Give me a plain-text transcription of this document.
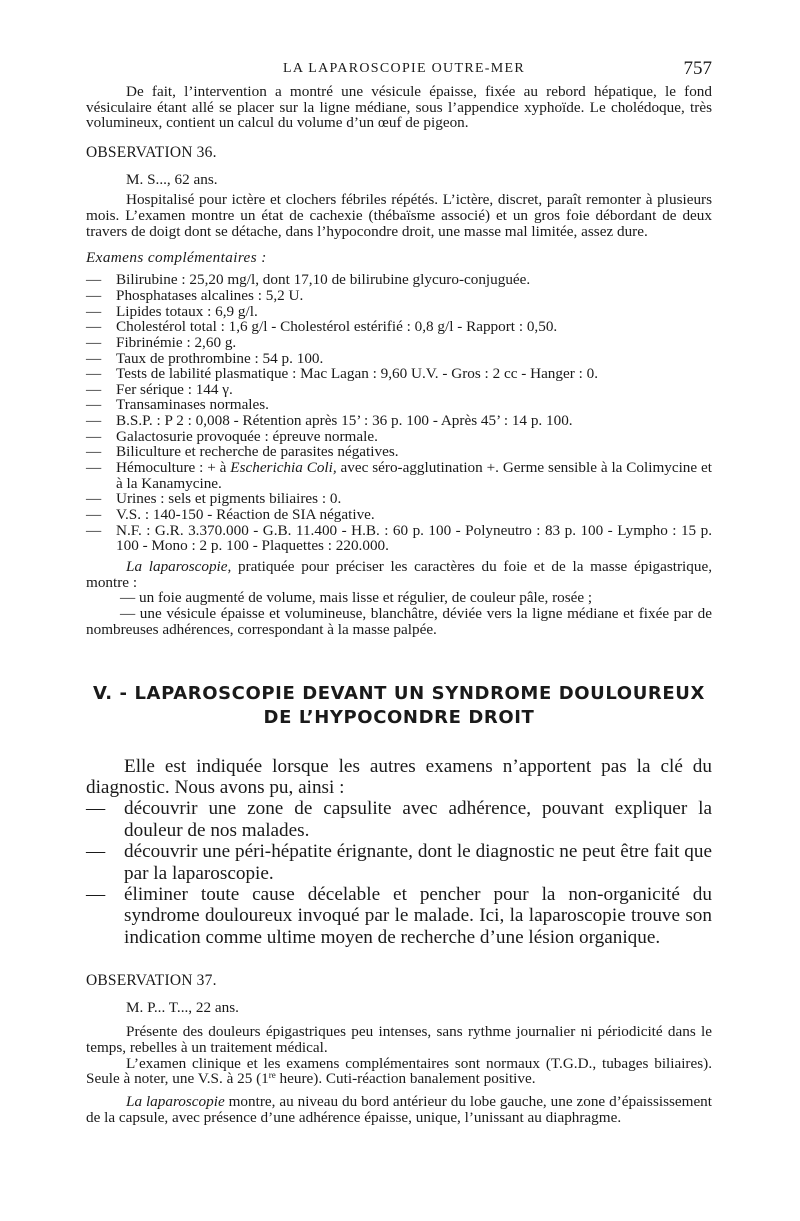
LA LAPAROSCOPIE OUTRE-MER	757

De fait, l’intervention a montré une vésicule épaisse, fixée au rebord hépatique, le fond vésiculaire étant allé se placer sur la ligne médiane, sous l’appendice xyphoïde. Le cholédoque, très volumineux, contient un calcul du volume d’un œuf de pigeon.

OBSERVATION 36.
M. S..., 62 ans.

Hospitalisé pour ictère et clochers fébriles répétés. L’ictère, discret, paraît remonter à plusieurs mois. L’examen montre un état de cachexie (thébaïsme associé) et un gros foie débordant de deux travers de doigt dont se détache, dans l’hypocondre droit, une masse mal limitée, assez dure.

Examens complémentaires :
— Bilirubine : 25,20 mg/l, dont 17,10 de bilirubine glycuro-conjuguée.
— Phosphatases alcalines : 5,2 U.
— Lipides totaux : 6,9 g/l.
— Cholestérol total : 1,6 g/l - Cholestérol estérifié : 0,8 g/l - Rapport : 0,50.
— Fibrinémie : 2,60 g.
— Taux de prothrombine : 54 p. 100.
— Tests de labilité plasmatique : Mac Lagan : 9,60 U.V. - Gros : 2 cc - Hanger : 0.
— Fer sérique : 144 γ.
— Transaminases normales.
— B.S.P. : P 2 : 0,008 - Rétention après 15’ : 36 p. 100 - Après 45’ : 14 p. 100.
— Galactosurie provoquée : épreuve normale.
— Biliculture et recherche de parasites négatives.
— Hémoculture : + à Escherichia Coli, avec séro-agglutination +. Germe sensible à la Colimycine et à la Kanamycine.
— Urines : sels et pigments biliaires : 0.
— V.S. : 140-150 - Réaction de SIA négative.
— N.F. : G.R. 3.370.000 - G.B. 11.400 - H.B. : 60 p. 100 - Polyneutro : 83 p. 100 - Lympho : 15 p. 100 - Mono : 2 p. 100 - Plaquettes : 220.000.

La laparoscopie, pratiquée pour préciser les caractères du foie et de la masse épigastrique, montre :

— un foie augmenté de volume, mais lisse et régulier, de couleur pâle, rosée ;

— une vésicule épaisse et volumineuse, blanchâtre, déviée vers la ligne médiane et fixée par de nombreuses adhérences, correspondant à la masse palpée.

V. - LAPAROSCOPIE DEVANT UN SYNDROME DOULOUREUX
DE L’HYPOCONDRE DROIT

Elle est indiquée lorsque les autres examens n’apportent pas la clé du diagnostic. Nous avons pu, ainsi :

— découvrir une zone de capsulite avec adhérence, pouvant expliquer la douleur de nos malades.
— découvrir une péri-hépatite érignante, dont le diagnostic ne peut être fait que par la laparoscopie.
— éliminer toute cause décelable et pencher pour la non-organicité du syndrome douloureux invoqué par le malade. Ici, la laparoscopie trouve son indication comme ultime moyen de recherche d’une lésion organique.
OBSERVATION 37.
M. P... T..., 22 ans.

Présente des douleurs épigastriques peu intenses, sans rythme journalier ni périodicité dans le temps, rebelles à un traitement médical.

L’examen clinique et les examens complémentaires sont normaux (T.G.D., tubages biliaires). Seule à noter, une V.S. à 25 (1re heure). Cuti-réaction banalement positive.

La laparoscopie montre, au niveau du bord antérieur du lobe gauche, une zone d’épaississement de la capsule, avec présence d’une adhérence épaisse, unique, l’unissant au diaphragme.
